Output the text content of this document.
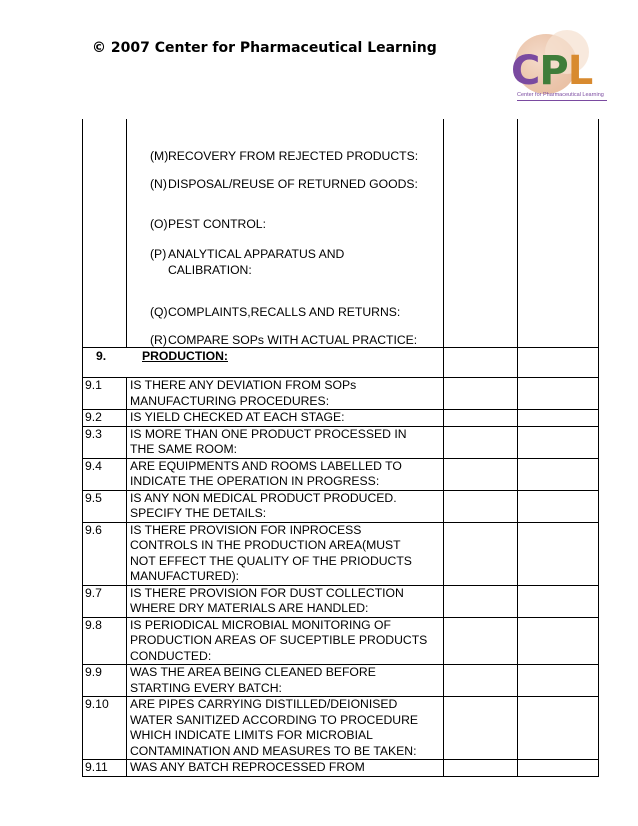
© 2007 Center for Pharmaceutical Learning CPL
Center for Pharmaceutical Learning
(M) RECOVERY FROM REJECTED PRODUCTS:
(N) DISPOSAL/REUSE OF RETURNED GOODS:
(O) PEST CONTROL:
(P) ANALYTICAL APPARATUS AND
CALIBRATION:
(Q) COMPLAINTS,RECALLS AND RETURNS:
(R) COMPARE SOPs WITH ACTUAL PRACTICE:
9.	PRODUCTION:
9.1 IS THERE ANY DEVIATION FROM SOPs
MANUFACTURING PROCEDURES:
9.2 IS YIELD CHECKED AT EACH STAGE:
9.3 IS MORE THAN ONE PRODUCT PROCESSED IN
THE SAME ROOM:
9.4 ARE EQUIPMENTS AND ROOMS LABELLED TO
INDICATE THE OPERATION IN PROGRESS:
9.5 IS ANY NON MEDICAL PRODUCT PRODUCED.
SPECIFY THE DETAILS:
9.6 IS THERE PROVISION FOR INPROCESS
CONTROLS IN THE PRODUCTION AREA(MUST
NOT EFFECT THE QUALITY OF THE PRIODUCTS
MANUFACTURED):
9.7 IS THERE PROVISION FOR DUST COLLECTION
WHERE DRY MATERIALS ARE HANDLED:
9.8 IS PERIODICAL MICROBIAL MONITORING OF
PRODUCTION AREAS OF SUCEPTIBLE PRODUCTS
CONDUCTED:
9.9 WAS THE AREA BEING CLEANED BEFORE
STARTING EVERY BATCH:
9.10 ARE PIPES CARRYING DISTILLED/DEIONISED
WATER SANITIZED ACCORDING TO PROCEDURE
WHICH INDICATE LIMITS FOR MICROBIAL
CONTAMINATION AND MEASURES TO BE TAKEN:
9.11 WAS ANY BATCH REPROCESSED FROM
